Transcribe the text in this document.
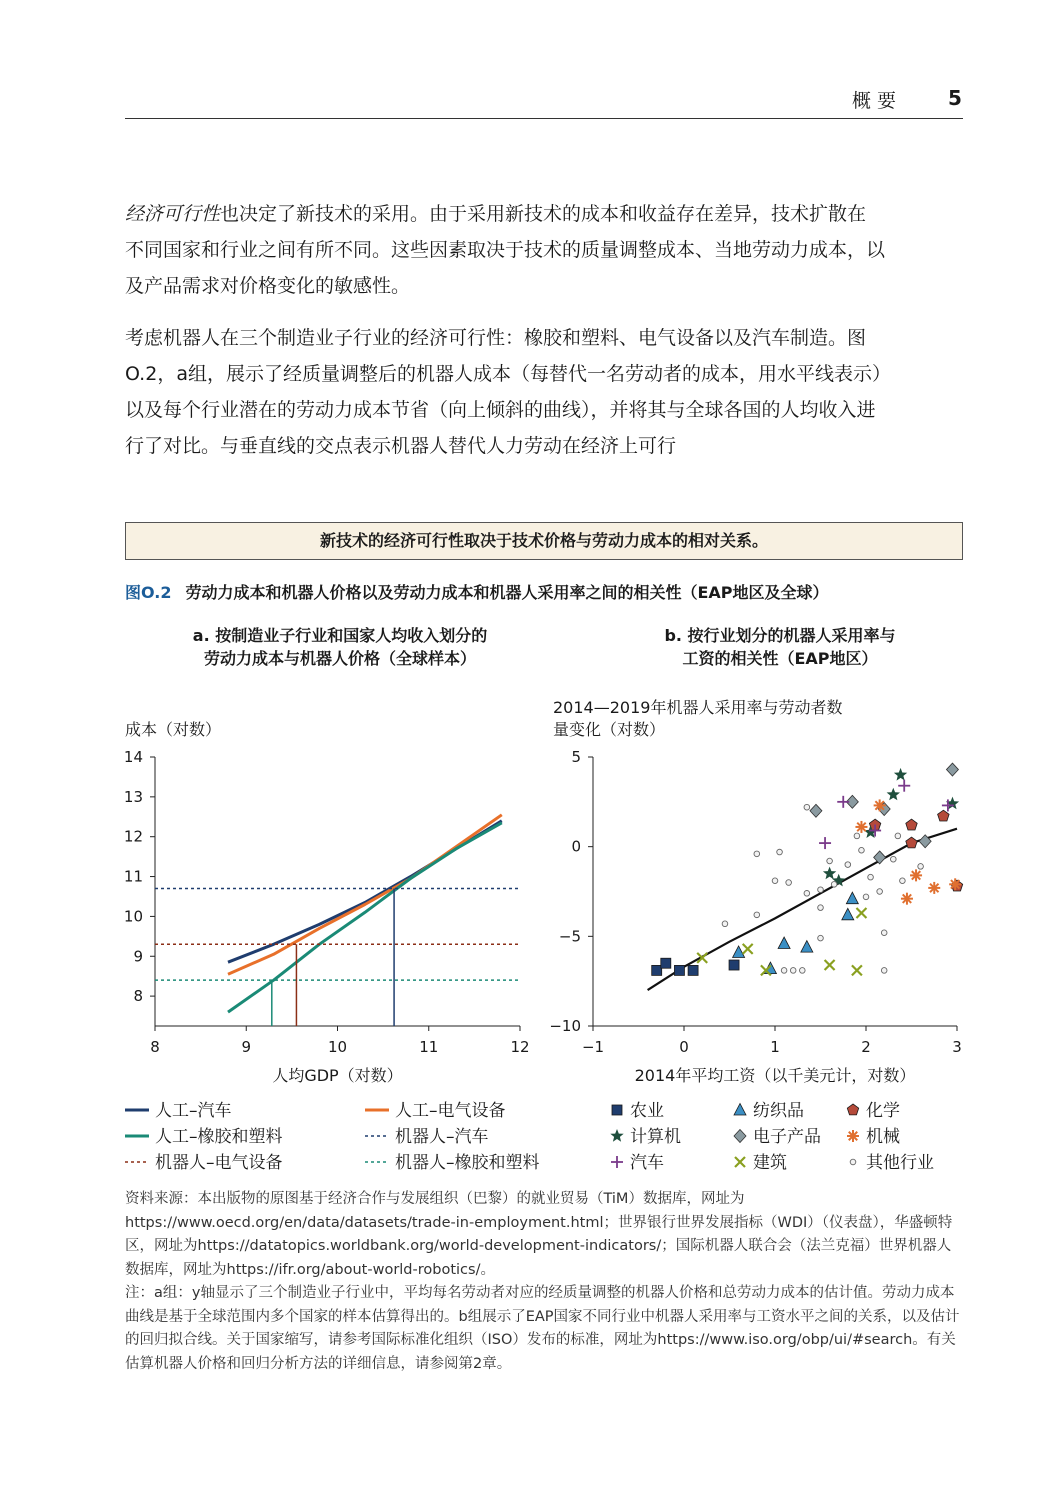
概要 5

经济可行性也决定了新技术的采用。由于采用新技术的成本和收益存在差异，技术扩散在不同国家和行业之间有所不同。这些因素取决于技术的质量调整成本、当地劳动力成本，以及产品需求对价格变化的敏感性。

考虑机器人在三个制造业子行业的经济可行性：橡胶和塑料、电气设备以及汽车制造。图O.2，a组，展示了经质量调整后的机器人成本（每替代一名劳动者的成本，用水平线表示）以及每个行业潜在的劳动力成本节省（向上倾斜的曲线），并将其与全球各国的人均收入进行了对比。与垂直线的交点表示机器人替代人力劳动在经济上可行

新技术的经济可行性取决于技术价格与劳动力成本的相对关系。
图O.2 劳动力成本和机器人价格以及劳动力成本和机器人采用率之间的相关性（EAP地区及全球）
a. 按制造业子行业和国家人均收入划分的
劳动力成本与机器人价格（全球样本）
b. 按行业划分的机器人采用率与
工资的相关性（EAP地区）
成本（对数）
8
9
10
11
12
13
14
8	9	10	11	12
人均GDP（对数）
人工–汽车	人工–电气设备
人工–橡胶和塑料	机器人–汽车
机器人–电气设备	机器人–橡胶和塑料
2014—2019年机器人采用率与劳动者数
量变化（对数）
5
0
−5
−10
−1	0	1	2	3
2014年平均工资（以千美元计，对数）
农业	纺织品	化学
计算机	电子产品	机械
汽车	建筑	其他行业

资料来源：本出版物的原图基于经济合作与发展组织（巴黎）的就业贸易（TiM）数据库，网址为https://www.oecd.org/en/data/datasets/trade-in-employment.html；世界银行世界发展指标（WDI）（仪表盘），华盛顿特区，网址为https://datatopics.worldbank.org/world-development-indicators/；国际机器人联合会（法兰克福）世界机器人数据库，网址为https://ifr.org/about-world-robotics/。

注：a组：y轴显示了三个制造业子行业中，平均每名劳动者对应的经质量调整的机器人价格和总劳动力成本的估计值。劳动力成本曲线是基于全球范围内多个国家的样本估算得出的。b组展示了EAP国家不同行业中机器人采用率与工资水平之间的关系，以及估计的回归拟合线。关于国家缩写，请参考国际标准化组织（ISO）发布的标准，网址为https://www.iso.org/obp/ui/#search。有关估算机器人价格和回归分析方法的详细信息，请参阅第2章。
